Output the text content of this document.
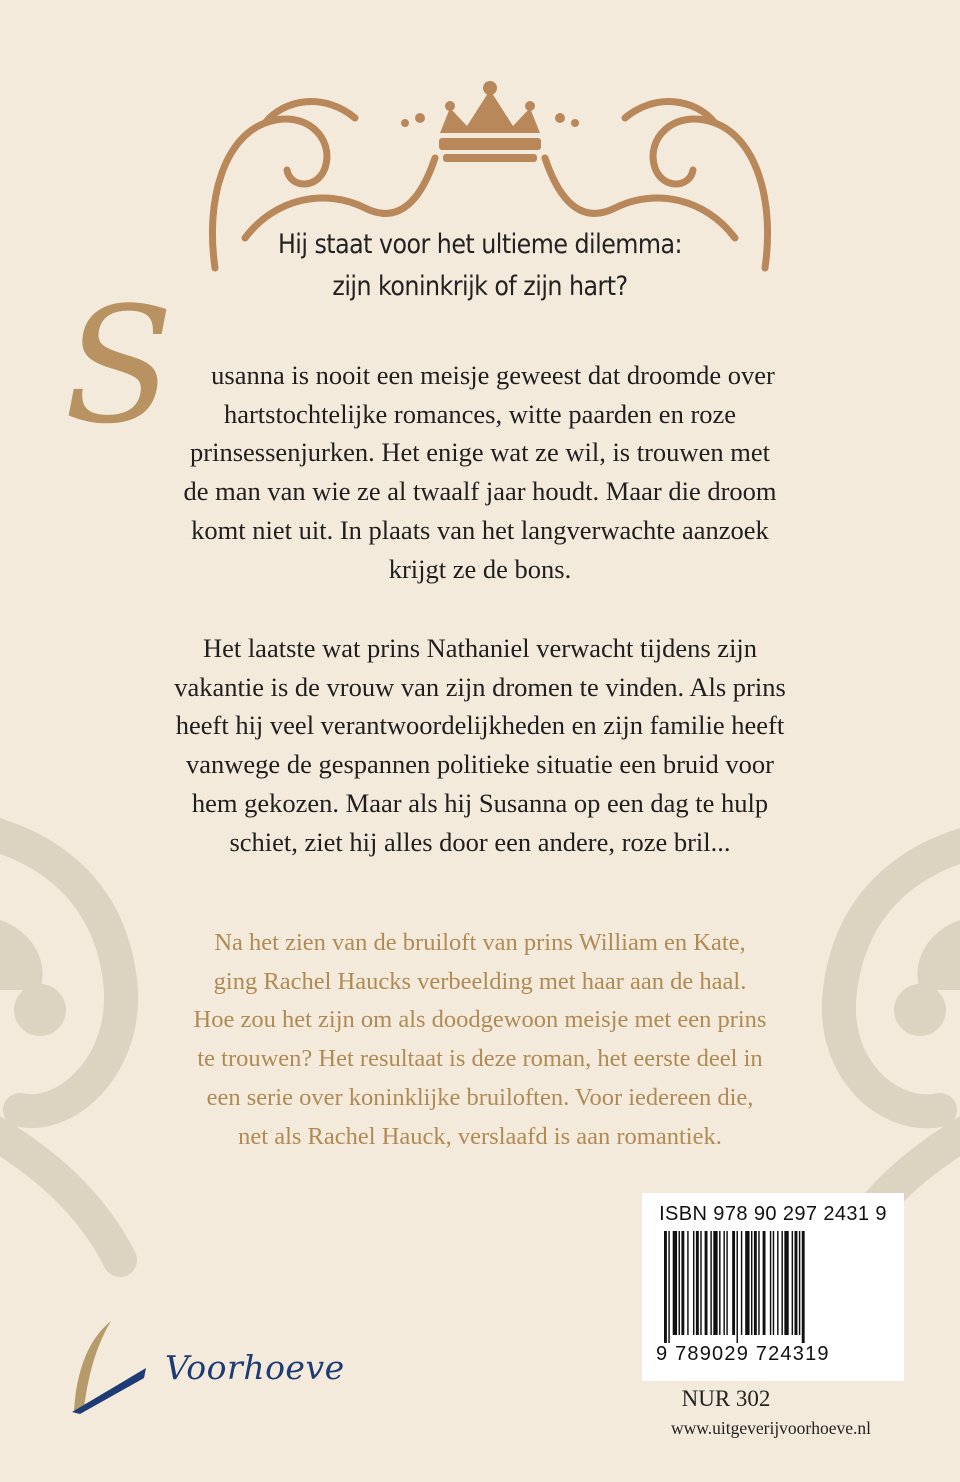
Hij staat voor het ultieme dilemma:
zijn koninkrijk of zijn hart?
S	usanna is nooit een meisje geweest dat droomde over
hartstochtelijke romances, witte paarden en roze
prinsessenjurken. Het enige wat ze wil, is trouwen met
de man van wie ze al twaalf jaar houdt. Maar die droom
komt niet uit. In plaats van het langverwachte aanzoek
krijgt ze de bons.
Het laatste wat prins Nathaniel verwacht tijdens zijn
vakantie is de vrouw van zijn dromen te vinden. Als prins
heeft hij veel verantwoordelijkheden en zijn familie heeft
vanwege de gespannen politieke situatie een bruid voor
hem gekozen. Maar als hij Susanna op een dag te hulp
schiet, ziet hij alles door een andere, roze bril...
Na het zien van de bruiloft van prins William en Kate,
ging Rachel Haucks verbeelding met haar aan de haal.
Hoe zou het zijn om als doodgewoon meisje met een prins
te trouwen? Het resultaat is deze roman, het eerste deel in
een serie over koninklijke bruiloften. Voor iedereen die,
net als Rachel Hauck, verslaafd is aan romantiek.
Voorhoeve
ISBN 978 90 297 2431 9
9 789029 724319
NUR 302
www.uitgeverijvoorhoeve.nl
